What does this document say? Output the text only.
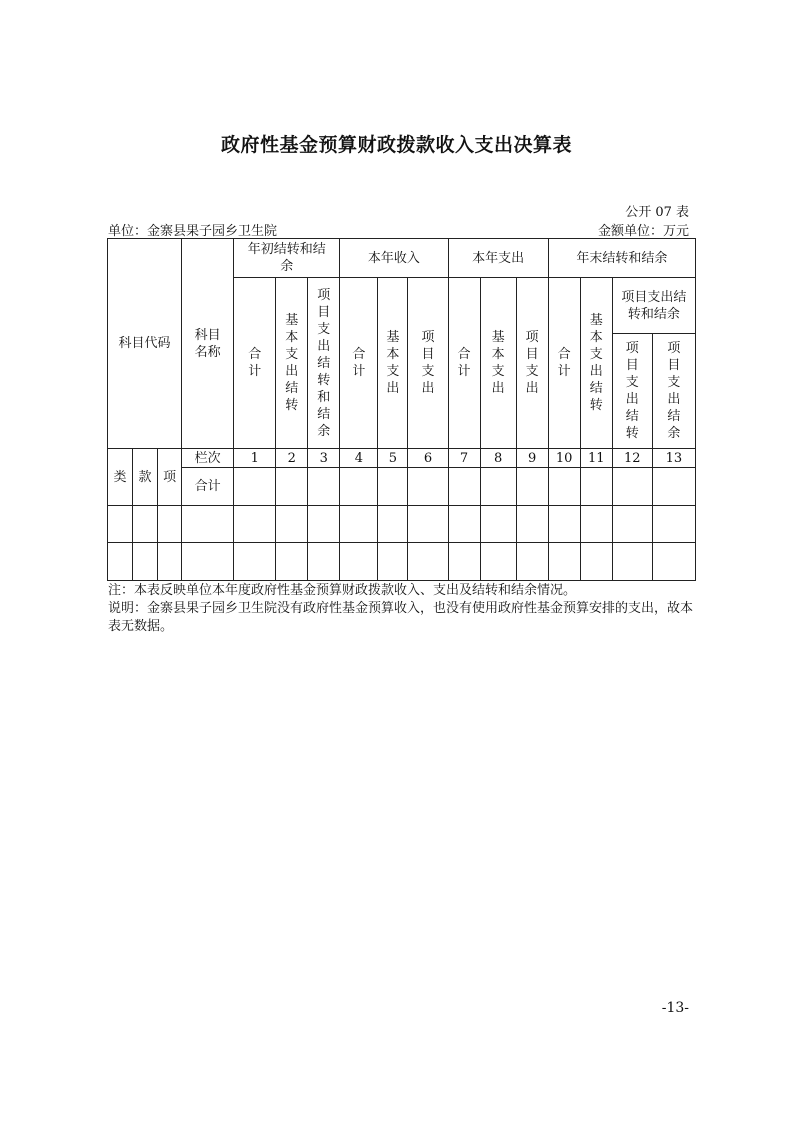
政府性基金预算财政拨款收入支出决算表
公开 07 表
单位：金寨县果子园乡卫生院	金额单位：万元
科目代码			科目名称	年初结转和结余			本年收入			本年支出			年末结转和结余			
				合计	基本支出结转	项目支出结转和结余	合计	基本支出	项目支出	合计	基本支出	项目支出	合计	基本支出结转	项目支出结转和结余	
															项目支出结转	项目支出结余
类	款	项	栏次	1	2	3	4	5	6	7	8	9	10	11	12	13
			合计													

注：本表反映单位本年度政府性基金预算财政拨款收入、支出及结转和结余情况。

说明：金寨县果子园乡卫生院没有政府性基金预算收入，也没有使用政府性基金预算安排的支出，故本表无数据。

-13-
